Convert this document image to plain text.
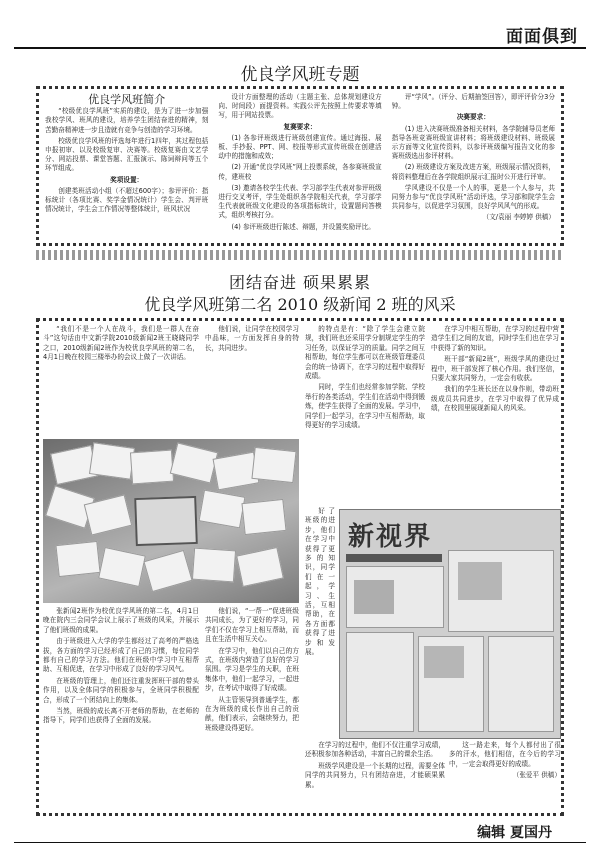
面面俱到
优良学风班专题
优良学风班简介

“校级优良学风班”实质的建设，是为了进一步加强我校学风、班风的建设，培养学生团结奋进的精神，刻苦勤奋精神进一步且造就有竞争与创造的学习环境。

校级优良学风班的评选每年进行1四年，其过程包括申报初审、以及校级复审、决赛等。校级复赛由文艺学分、网站投票、课堂答题、汇报演示、陈词辩问等五个环节组成。

奖项设置：

创建类班活动小组（不超过600字）；参评评价：指标统计（各项比赛、奖学金情况统计）学生会、判评班情况统计，学生会工作情况等整体统计，班风状况

设计方面整理的活动（主题主张、总体规划建设方向、时间段）面提资料。实践公评先按照上传要求等填写，用于网站投票。

复赛要求：

(1) 各参评班级进行班级创建宣传。通过海报、展板、手抄报、PPT、网、校报等形式宣传班级在创建活动中的措施和成效；

(2) 开通“优良学风班”网上投票系统，各参赛班级宣传，建班校

(3) 邀请各校学生代表、学习部学生代表对参评班级进行交叉考评，学生处组织各学院相关代表，学习部学生代表就班级文化建设的各项指标统计，设置题问答模式，组织考核打分。

(4) 参评班级进行陈述、辩题，并设置奖励评比。

评“学风”。（评分、后期抽签回答），即评评价分3分钟。

决赛要求：

(1) 进入决赛班级准备相关材料，各学院辅导员老师指导各班竞赛班级宣讲材料；将班级建设材料、班级展示方面等文化宣传资料，以参评班级编写报告文化的参赛班级选出参评材料。

(2) 班级建设方案及改进方案，班级展示情况资料，将资料整理后在各学院组织展示汇报时公开进行评审。

学风建设不仅是一个人的事，更是一个人参与，共同努力参与“优良学风班”活动评选，学习部和院学生会共同参与，以促进学习氛围，良好学风风气的形成。

（文/袁丽 李婷婷 供稿）

团结奋进 硕果累累
优良学风班第二名 2010 级新闻 2 班的风采

“我们不是一个人在战斗，我们是一群人在奋斗”这句话由中文新学院2010级新闻2班王晓晓同学之口，2010级新闻2班作为校优良学风班的第二名，4月1日晚在校园三楼举办的会议上做了一次讲话。

他们说，让同学在校园学习中品味，一方面发挥自身的特长，共同进步。

的特点是有：“除了学生会建立院规，我们班也还采用学分制规定学生的学习任务，以保证学习的质量。同学之间互相帮助，每位学生都可以在班级管理委员会的统一协调下，在学习的过程中取得好成绩。

同时，学生们也经常参加学院、学校举行的各类活动，学生们在活动中得到锻炼，使学生获得了全面的发展。学习中，同学们一起学习，在学习中互相帮助，取得更好的学习成绩。

在学习中相互帮助，在学习的过程中营造学生们之间的友谊，同时学生们也在学习中获得了新的知识。

班干部“新闻2班”，班级学风的建设过程中，班干部发挥了核心作用。我们坚信，只要大家共同努力，一定会有收获。

我们的学生班长还在以身作则，带动班级成员共同进步，在学习中取得了优异成绩，在校园里展现新闻人的风采。

张新闻2班作为校优良学风班的第二名，4月1日晚在院内三会同学会议上展示了班级的风采，并展示了他们班级的成果。

由于班级进入大学的学生都经过了高考的严格选拔，各方面的学习已经形成了自己的习惯，每位同学都有自己的学习方法。他们在班级中学习中互相帮助、互相促进，在学习中形成了良好的学习风气。

在班级的管理上，他们还注重发挥班干部的带头作用，以及全体同学的积极参与，全班同学积极配合，形成了一个团结向上的集体。

当然，班级的成长离不开老师的帮助，在老师的指导下，同学们也获得了全面的发展。

他们说，“一帮一”促进班级共同成长，为了更好的学习，同学们不仅在学习上相互帮助，而且在生活中相互关心。

在学习中，他们以自己的方式，在班级内营造了良好的学习氛围。学习是学生的天职，在班集体中，他们一起学习，一起进步，在考试中取得了好成绩。

从主管领导到普通学生，都在为班级的成长作出自己的贡献，他们表示，会继续努力，把班级建设得更好。

好了班级的进步，他们在学习中获得了更多的知识，同学们在一起，学习、生活，互相帮助，在各方面都获得了进步和发展。

新视界

在学习的过程中，他们不仅注重学习成绩，还积极参加各种活动，丰富自己的课余生活。

班级学风建设是一个长期的过程，需要全体同学的共同努力，只有团结奋进，才能硕果累累。

这一路走来，每个人都付出了很多的汗水，他们相信，在今后的学习中，一定会取得更好的成绩。

（张爱平 供稿）

编辑 夏国丹
